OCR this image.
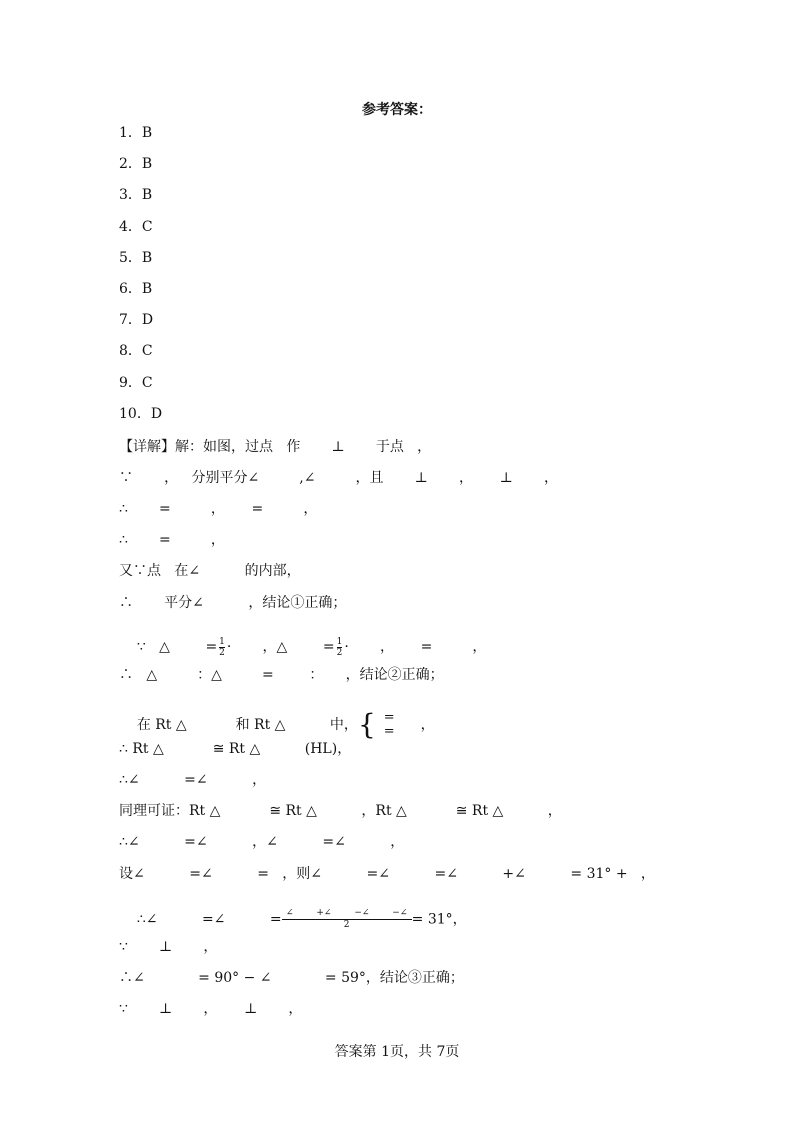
参考答案：
1．B
2．B
3．B
4．C
5．B
6．B
7．D
8．C
9．C
10．D
【详解】解：如图，过点   作       ⊥       于点   ，
∵       ，   分别平分∠         ,∠         ，且       ⊥       ，      ⊥       ，
∴       =         ，      =         ，
∴       =         ，
又∵点   在∠          的内部，
∴       平分∠          ，结论①正确；

∵   △        = $\frac{1}{2}$ ·       ，△        = $\frac{1}{2}$ ·       ，      =         ，

∴   △         ：△         =        ：     ，结论②正确；

在 Rt △           和 Rt △          中，{ =
= ，

∴ Rt △           ≅ Rt △          (HL)，
∴∠          =∠          ，
同理可证：Rt △           ≅ Rt △          ，Rt △           ≅ Rt △          ，
∴∠          =∠          ，∠          =∠          ，
设∠          =∠          =   ，则∠          =∠          =∠          +∠          = 31° +   ，

∴∠          =∠          = ∠        +∠        −∠        −∠
2	= 31°，

∵       ⊥       ，
∴∠            = 90° − ∠            = 59°，结论③正确；
∵       ⊥       ，      ⊥       ，
答案第 1页，共 7页
